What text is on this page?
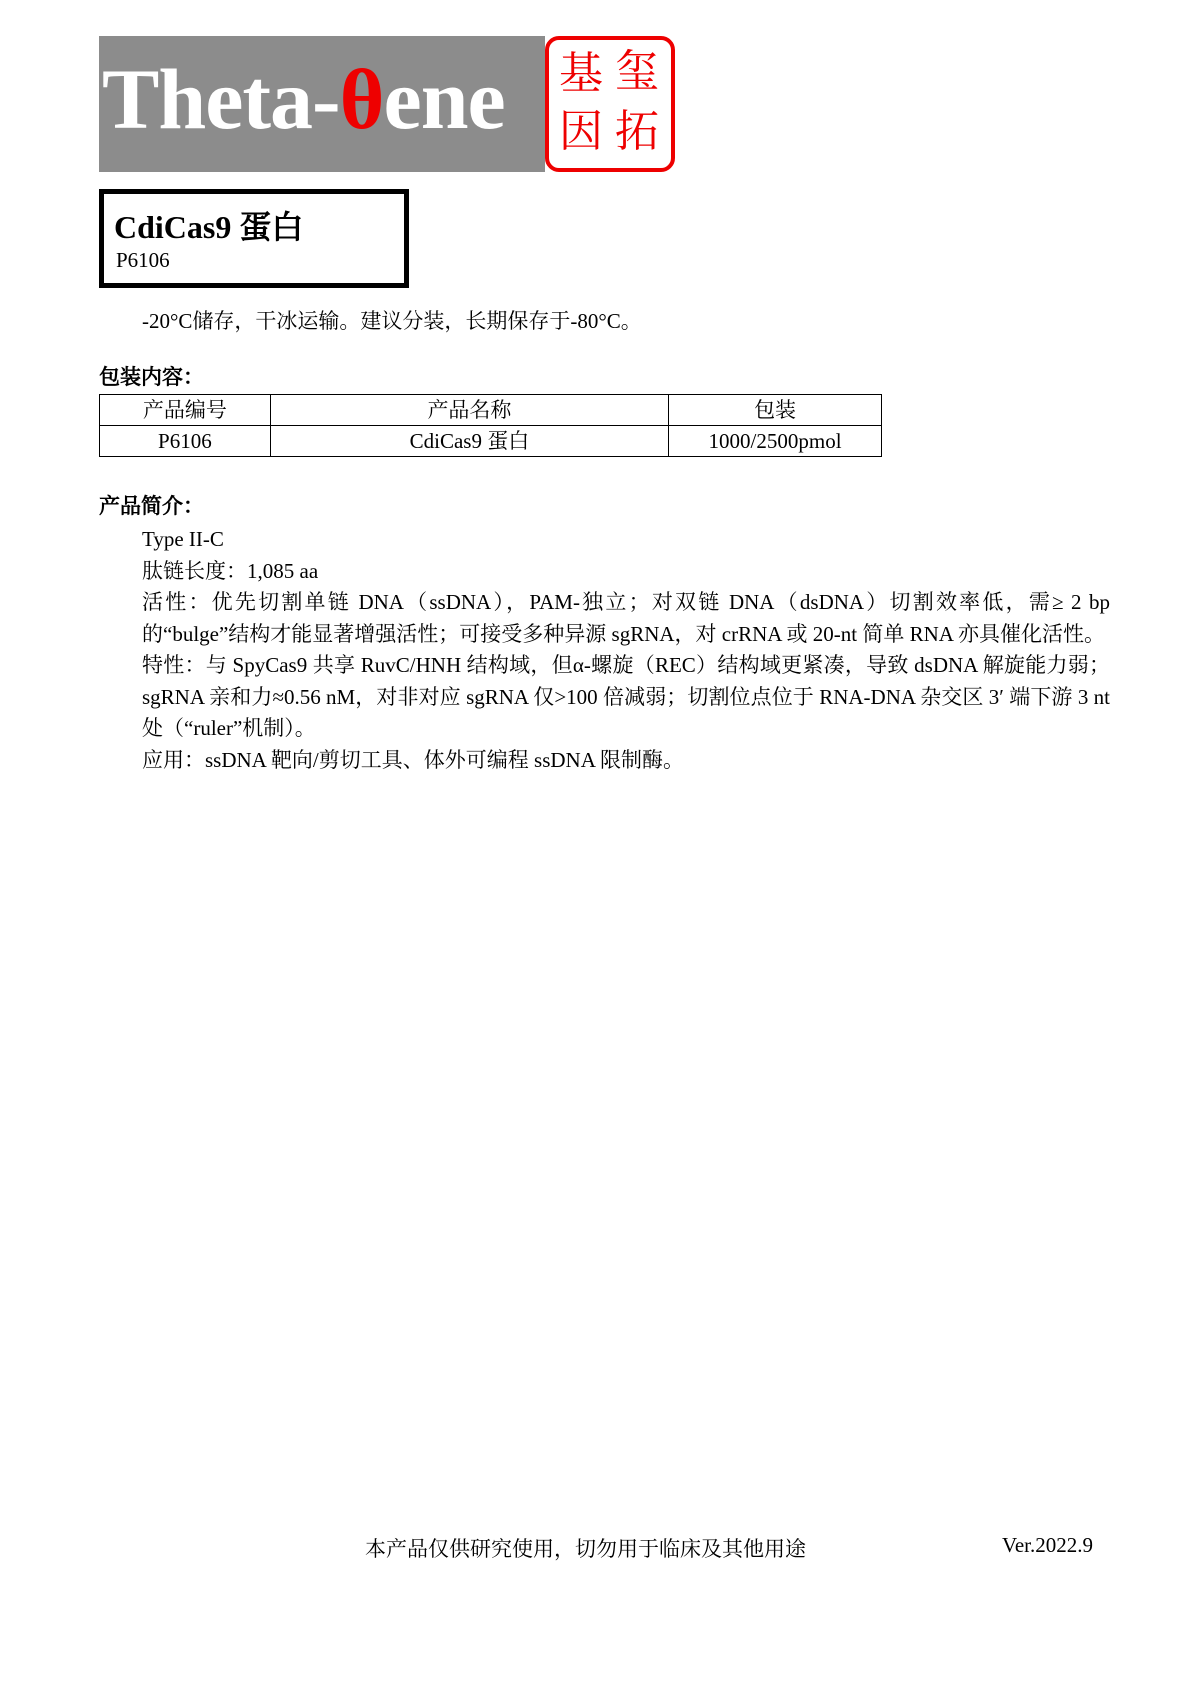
Theta-θene 基 玺
因 拓
CdiCas9 蛋白
P6106
-20°C储存，干冰运输。建议分装，长期保存于-80°C。
包装内容：
产品编号	产品名称	包装
P6106	CdiCas9 蛋白	1000/2500pmol
产品简介：

Type II-C

肽链长度：1,085 aa

活性：优先切割单链 DNA（ssDNA），PAM-独立；对双链 DNA（dsDNA）切割效率低，需≥ 2 bp 的“bulge”结构才能显著增强活性；可接受多种异源 sgRNA，对 crRNA 或 20-nt 简单 RNA 亦具催化活性。

特性：与 SpyCas9 共享 RuvC/HNH 结构域，但α-螺旋（REC）结构域更紧凑，导致 dsDNA 解旋能力弱；sgRNA 亲和力≈0.56 nM，对非对应 sgRNA 仅>100 倍减弱；切割位点位于 RNA-DNA 杂交区 3′ 端下游 3 nt 处（“ruler”机制）。

应用：ssDNA 靶向/剪切工具、体外可编程 ssDNA 限制酶。

本产品仅供研究使用，切勿用于临床及其他用途	Ver.2022.9
